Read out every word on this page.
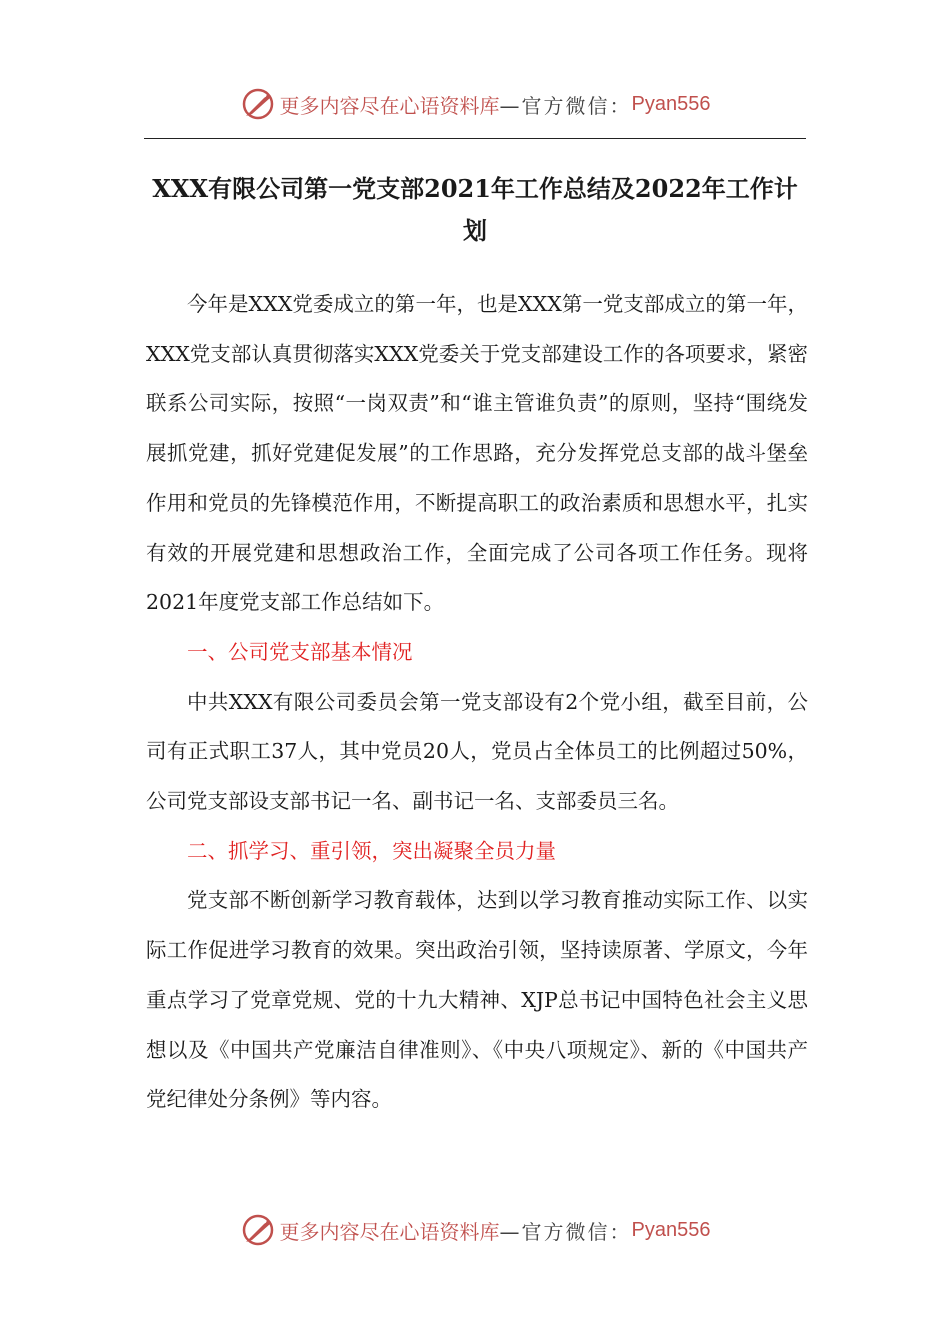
更多内容尽在心语资料库 —官方微信： Pyan556
XXX有限公司第一党支部2021年工作总结及2022年工作计划

今年是XXX党委成立的第一年，也是XXX第一党支部成立的第一年，XXX党支部认真贯彻落实XXX党委关于党支部建设工作的各项要求，紧密联系公司实际，按照“一岗双责”和“谁主管谁负责”的原则，坚持“围绕发展抓党建，抓好党建促发展”的工作思路，充分发挥党总支部的战斗堡垒作用和党员的先锋模范作用，不断提高职工的政治素质和思想水平，扎实有效的开展党建和思想政治工作，全面完成了公司各项工作任务。现将2021年度党支部工作总结如下。

一、公司党支部基本情况

中共XXX有限公司委员会第一党支部设有2个党小组，截至目前，公司有正式职工37人，其中党员20人，党员占全体员工的比例超过50%，公司党支部设支部书记一名、副书记一名、支部委员三名。

二、抓学习、重引领，突出凝聚全员力量

党支部不断创新学习教育载体，达到以学习教育推动实际工作、以实际工作促进学习教育的效果。突出政治引领，坚持读原著、学原文，今年重点学习了党章党规、党的十九大精神、XJP总书记中国特色社会主义思想以及《中国共产党廉洁自律准则》、《中央八项规定》、新的《中国共产党纪律处分条例》等内容。

更多内容尽在心语资料库 —官方微信： Pyan556
